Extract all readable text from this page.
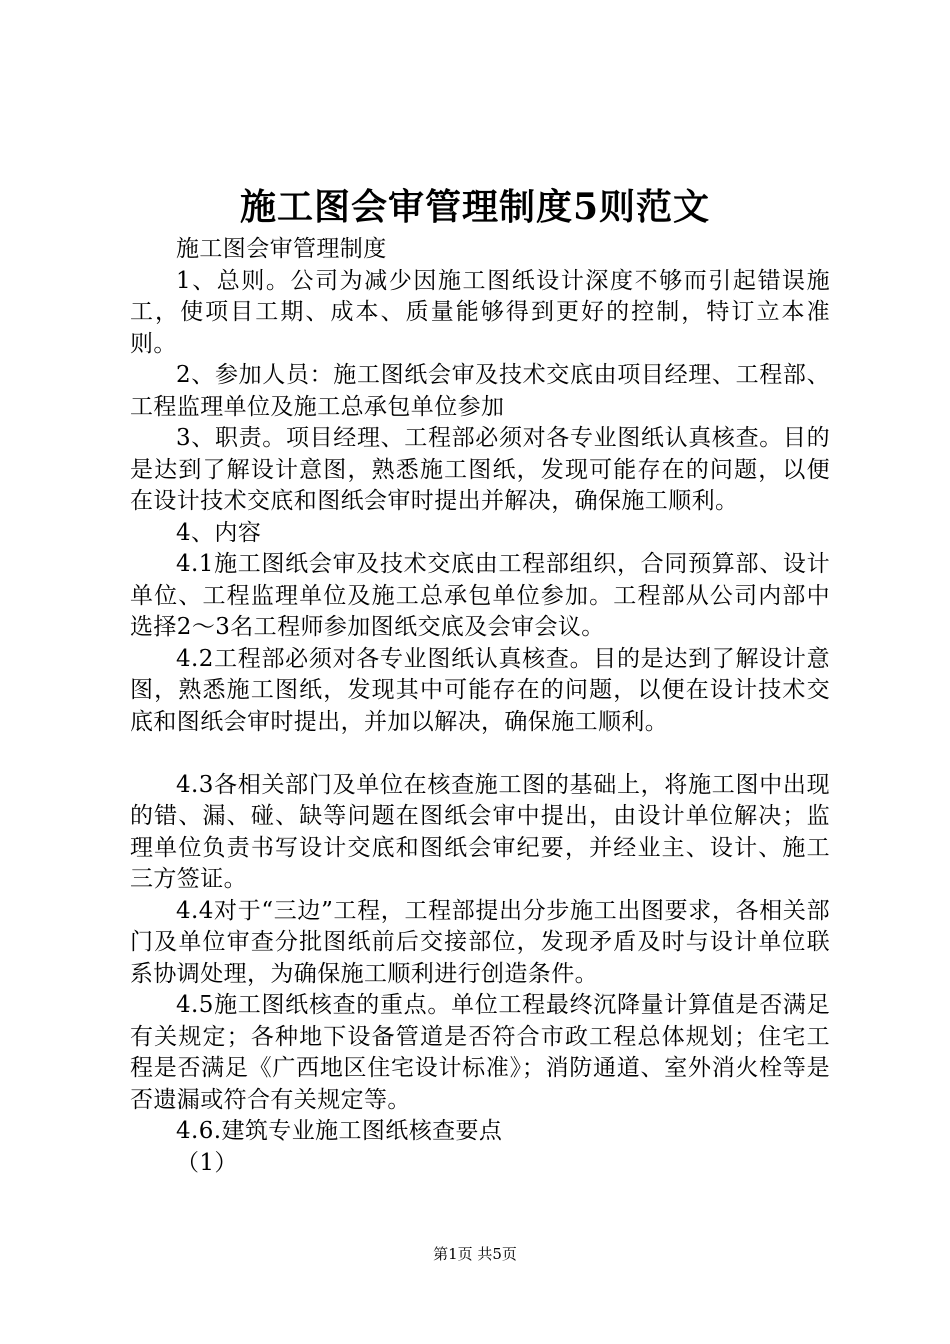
施工图会审管理制度5则范文

施工图会审管理制度

1、总则。公司为减少因施工图纸设计深度不够而引起错误施工，使项目工期、成本、质量能够得到更好的控制，特订立本准则。

2、参加人员：施工图纸会审及技术交底由项目经理、工程部、工程监理单位及施工总承包单位参加

3、职责。项目经理、工程部必须对各专业图纸认真核查。目的是达到了解设计意图，熟悉施工图纸，发现可能存在的问题，以便在设计技术交底和图纸会审时提出并解决，确保施工顺利。

4、内容

4.1施工图纸会审及技术交底由工程部组织，合同预算部、设计单位、工程监理单位及施工总承包单位参加。工程部从公司内部中选择2～3名工程师参加图纸交底及会审会议。

4.2工程部必须对各专业图纸认真核查。目的是达到了解设计意图，熟悉施工图纸，发现其中可能存在的问题，以便在设计技术交底和图纸会审时提出，并加以解决，确保施工顺利。

4.3各相关部门及单位在核查施工图的基础上，将施工图中出现的错、漏、碰、缺等问题在图纸会审中提出，由设计单位解决；监理单位负责书写设计交底和图纸会审纪要，并经业主、设计、施工三方签证。

4.4对于“三边”工程，工程部提出分步施工出图要求，各相关部门及单位审查分批图纸前后交接部位，发现矛盾及时与设计单位联系协调处理，为确保施工顺利进行创造条件。

4.5施工图纸核查的重点。单位工程最终沉降量计算值是否满足有关规定；各种地下设备管道是否符合市政工程总体规划；住宅工程是否满足《广西地区住宅设计标准》；消防通道、室外消火栓等是否遗漏或符合有关规定等。

4.6.建筑专业施工图纸核查要点

（1）

第1页 共5页
